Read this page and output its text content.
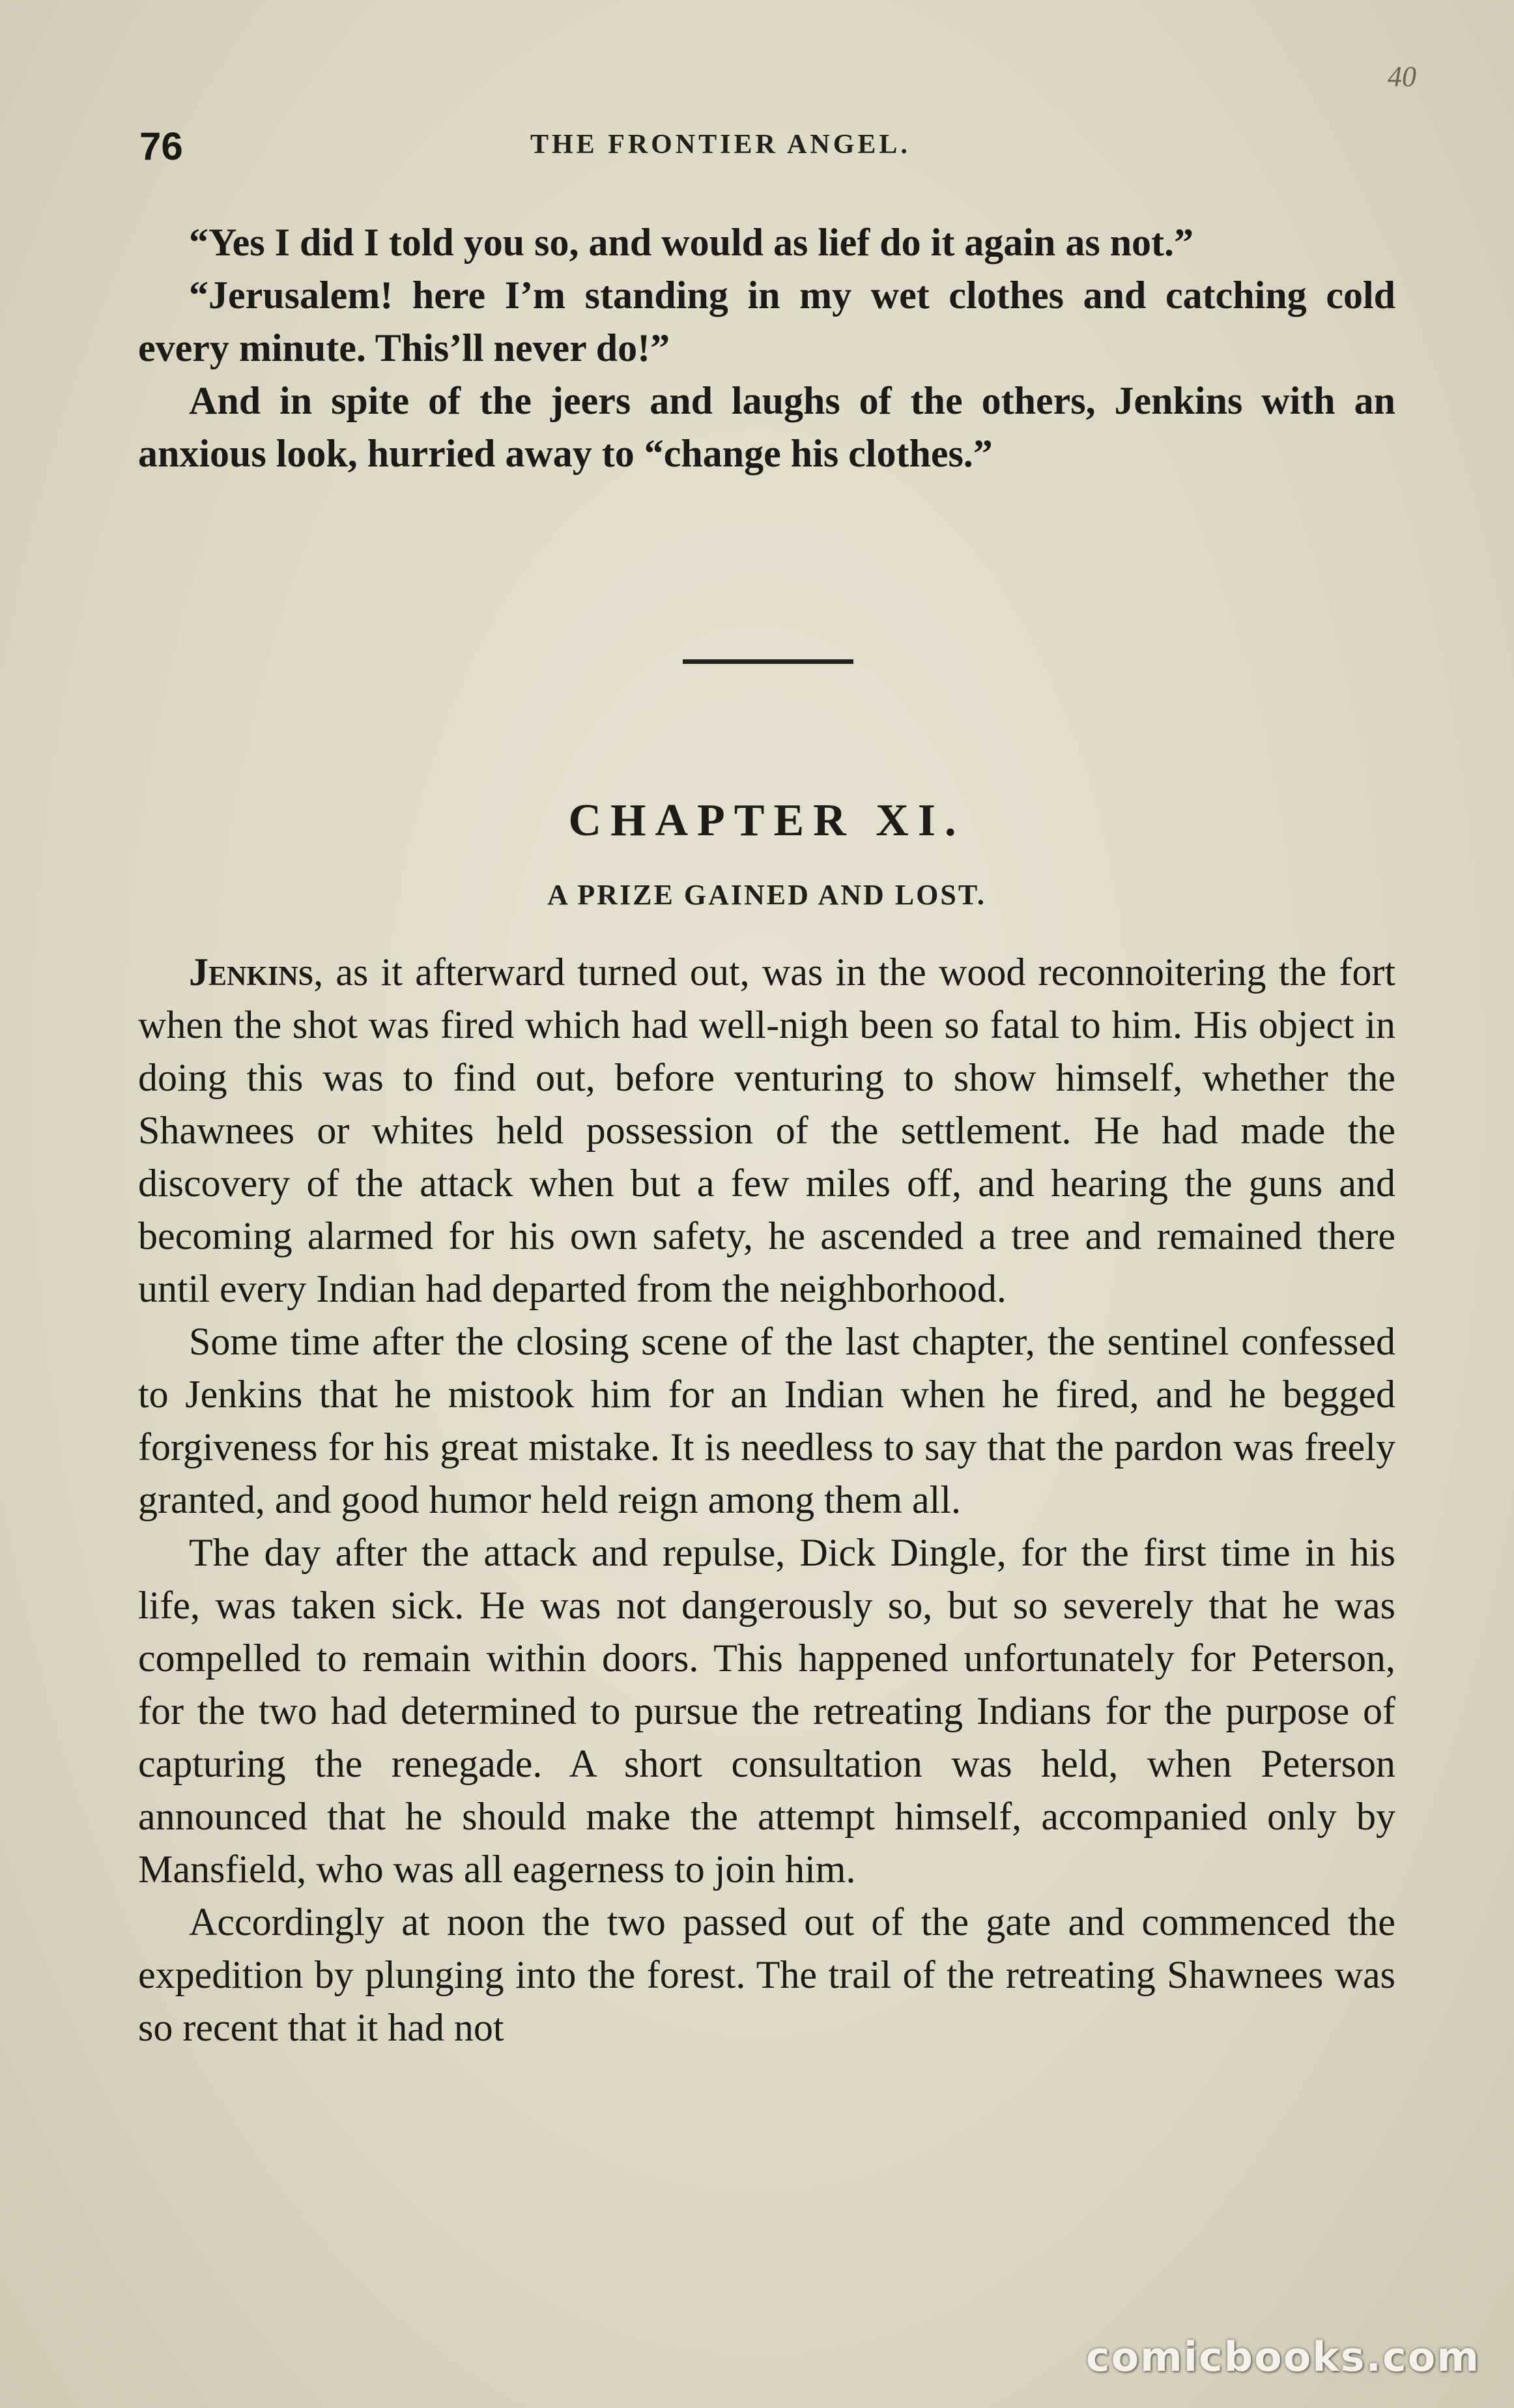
40
76	THE FRONTIER ANGEL.

“Yes I did I told you so, and would as lief do it again as not.”

“Jerusalem! here I’m standing in my wet clothes and catching cold every minute. This’ll never do!”

And in spite of the jeers and laughs of the others, Jenkins with an anxious look, hurried away to “change his clothes.”

CHAPTER XI.
A PRIZE GAINED AND LOST.

Jenkins, as it afterward turned out, was in the wood reconnoitering the fort when the shot was fired which had well-nigh been so fatal to him. His object in doing this was to find out, before venturing to show himself, whether the Shawnees or whites held possession of the settlement. He had made the discovery of the attack when but a few miles off, and hearing the guns and becoming alarmed for his own safety, he ascended a tree and remained there until every Indian had departed from the neighborhood.

Some time after the closing scene of the last chapter, the sentinel confessed to Jenkins that he mistook him for an Indian when he fired, and he begged forgiveness for his great mistake. It is needless to say that the pardon was freely granted, and good humor held reign among them all.

The day after the attack and repulse, Dick Dingle, for the first time in his life, was taken sick. He was not dangerously so, but so severely that he was compelled to remain within doors. This happened unfortunately for Peterson, for the two had determined to pursue the retreating Indians for the purpose of capturing the renegade. A short consultation was held, when Peterson announced that he should make the attempt himself, accompanied only by Mansfield, who was all eagerness to join him.

Accordingly at noon the two passed out of the gate and commenced the expedition by plunging into the forest. The trail of the retreating Shawnees was so recent that it had not

comicbooks.com
